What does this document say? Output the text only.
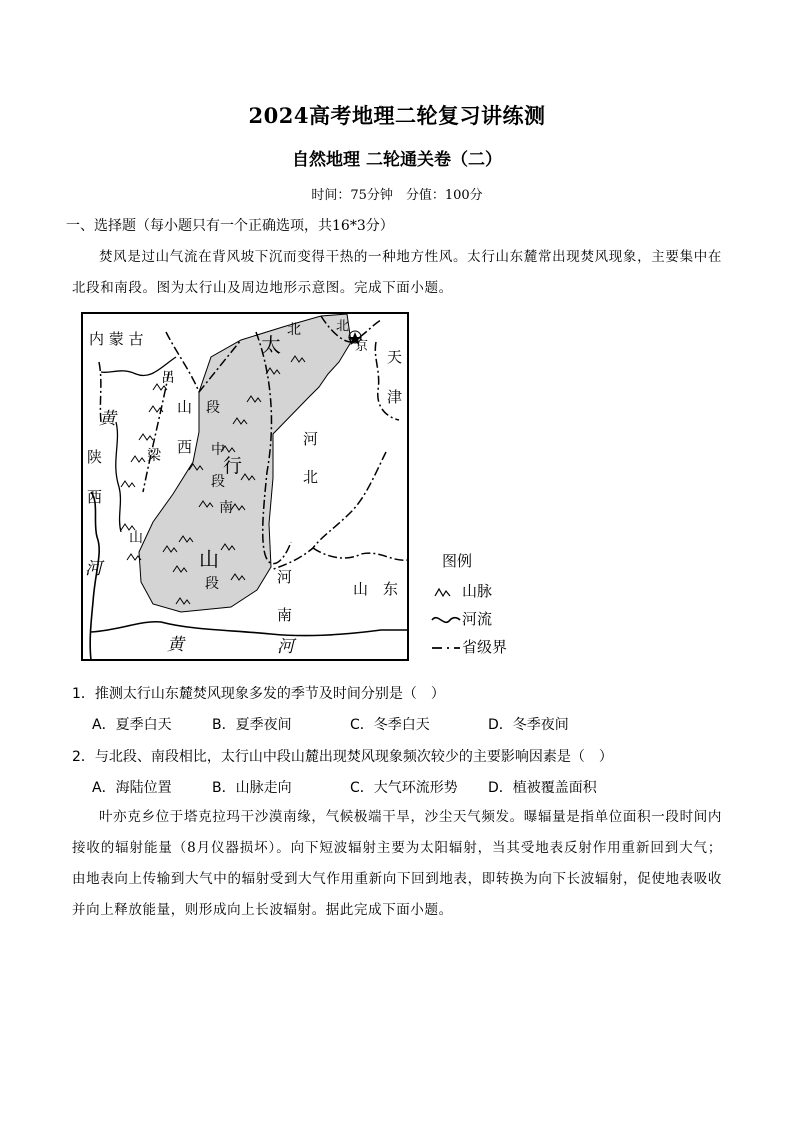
2024高考地理二轮复习讲练测
自然地理 二轮通关卷（二）
时间：75分钟　分值：100分
一、选择题（每小题只有一个正确选项，共16*3分）
焚风是过山气流在背风坡下沉而变得干热的一种地方性风。太行山东麓常出现焚风现象，主要集中在北段和南段。图为太行山及周边地形示意图。完成下面小题。
内 蒙 古	北
太
北
京
天
津
吕
山 段
西
黄
陕
西
梁
山
中
行
段
南
河
北
山
段	河
南
山　东
河
黄	河
图例
山脉
河流
省级界
1．推测太行山东麓焚风现象多发的季节及时间分别是（　）
A．夏季白天	B．夏季夜间	C．冬季白天	D．冬季夜间
2．与北段、南段相比，太行山中段山麓出现焚风现象频次较少的主要影响因素是（　）
A．海陆位置	B．山脉走向	C．大气环流形势	D．植被覆盖面积
叶亦克乡位于塔克拉玛干沙漠南缘，气候极端干旱，沙尘天气频发。曝辐量是指单位面积一段时间内接收的辐射能量（8月仪器损坏）。向下短波辐射主要为太阳辐射，当其受地表反射作用重新回到大气；由地表向上传输到大气中的辐射受到大气作用重新向下回到地表，即转换为向下长波辐射，促使地表吸收并向上释放能量，则形成向上长波辐射。据此完成下面小题。
